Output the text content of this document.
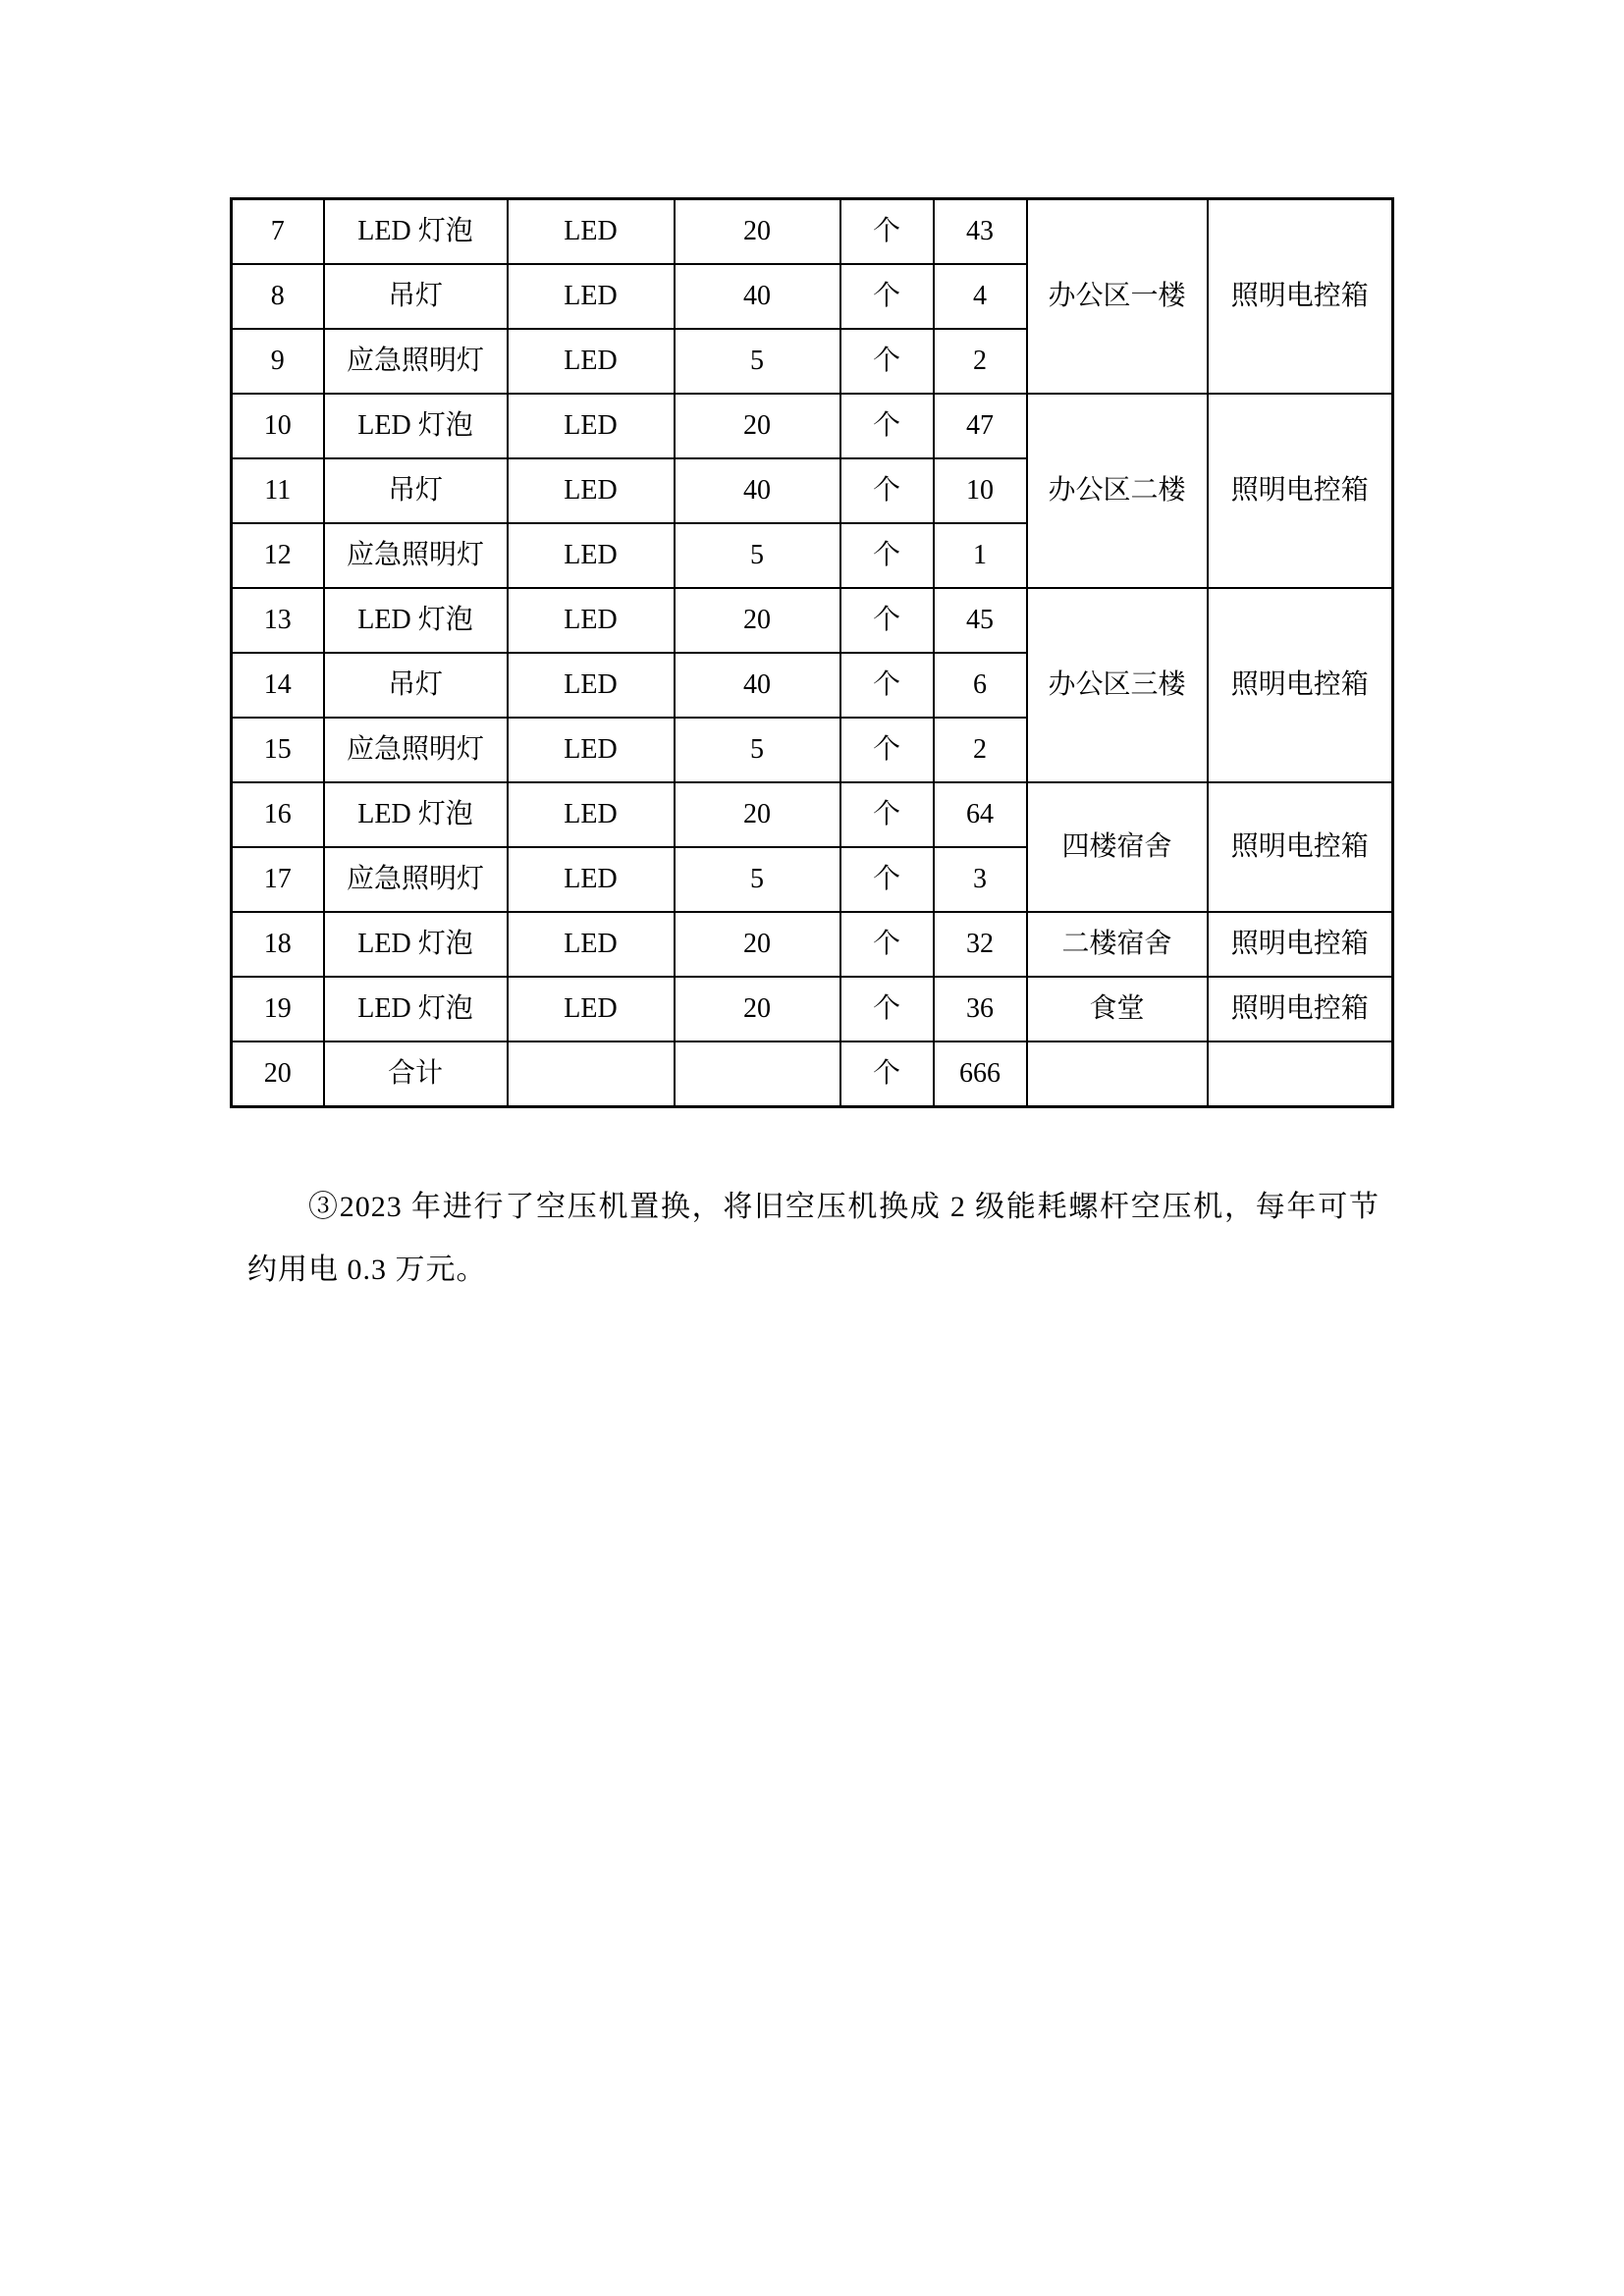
7	LED 灯泡	LED	20	个	43	办公区一楼	照明电控箱
8	吊灯	LED	40	个	4		
9	应急照明灯	LED	5	个	2		
10	LED 灯泡	LED	20	个	47	办公区二楼	照明电控箱
11	吊灯	LED	40	个	10		
12	应急照明灯	LED	5	个	1		
13	LED 灯泡	LED	20	个	45	办公区三楼	照明电控箱
14	吊灯	LED	40	个	6		
15	应急照明灯	LED	5	个	2		
16	LED 灯泡	LED	20	个	64	四楼宿舍	照明电控箱
17	应急照明灯	LED	5	个	3		
18	LED 灯泡	LED	20	个	32	二楼宿舍	照明电控箱
19	LED 灯泡	LED	20	个	36	食堂	照明电控箱
20	合计			个	666		

③2023 年进行了空压机置换，将旧空压机换成 2 级能耗螺杆空压机，每年可节约用电 0.3 万元。
